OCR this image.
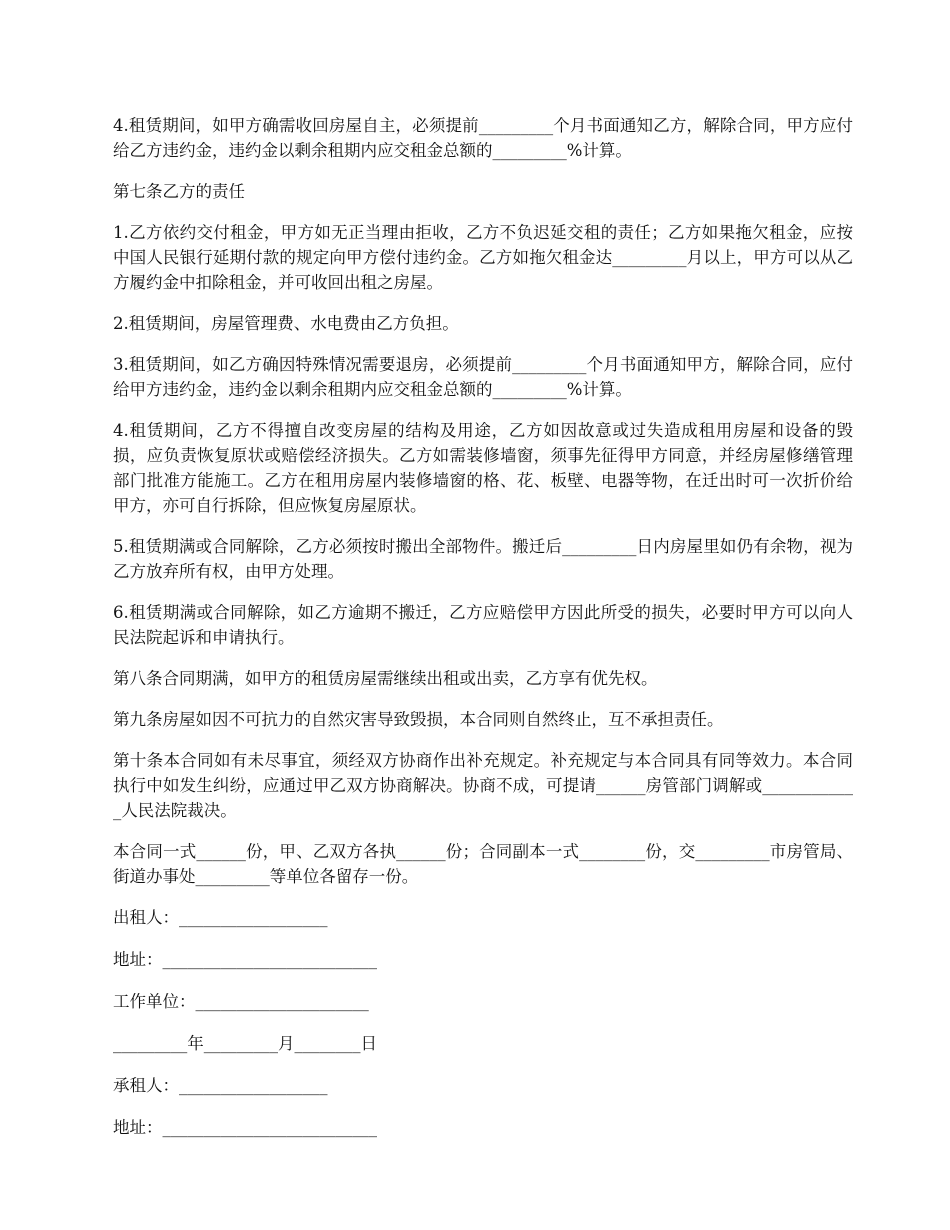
4.租赁期间，如甲方确需收回房屋自主，必须提前_________个月书面通知乙方，解除合同，甲方应付给乙方违约金，违约金以剩余租期内应交租金总额的_________%计算。

第七条乙方的责任

1.乙方依约交付租金，甲方如无正当理由拒收，乙方不负迟延交租的责任；乙方如果拖欠租金，应按中国人民银行延期付款的规定向甲方偿付违约金。乙方如拖欠租金达_________月以上，甲方可以从乙方履约金中扣除租金，并可收回出租之房屋。

2.租赁期间，房屋管理费、水电费由乙方负担。

3.租赁期间，如乙方确因特殊情况需要退房，必须提前_________个月书面通知甲方，解除合同，应付给甲方违约金，违约金以剩余租期内应交租金总额的_________%计算。

4.租赁期间，乙方不得擅自改变房屋的结构及用途，乙方如因故意或过失造成租用房屋和设备的毁损，应负责恢复原状或赔偿经济损失。乙方如需装修墙窗，须事先征得甲方同意，并经房屋修缮管理部门批准方能施工。乙方在租用房屋内装修墙窗的格、花、板壁、电器等物，在迁出时可一次折价给甲方，亦可自行拆除，但应恢复房屋原状。

5.租赁期满或合同解除，乙方必须按时搬出全部物件。搬迁后_________日内房屋里如仍有余物，视为乙方放弃所有权，由甲方处理。

6.租赁期满或合同解除，如乙方逾期不搬迁，乙方应赔偿甲方因此所受的损失，必要时甲方可以向人民法院起诉和申请执行。

第八条合同期满，如甲方的租赁房屋需继续出租或出卖，乙方享有优先权。

第九条房屋如因不可抗力的自然灾害导致毁损，本合同则自然终止，互不承担责任。

第十条本合同如有未尽事宜，须经双方协商作出补充规定。补充规定与本合同具有同等效力。本合同执行中如发生纠纷，应通过甲乙双方协商解决。协商不成，可提请______房管部门调解或____________人民法院裁决。

本合同一式______份，甲、乙双方各执______份；合同副本一式________份，交_________市房管局、街道办事处_________等单位各留存一份。

出租人：__________________

地址：__________________________

工作单位：_____________________

_________年_________月________日

承租人：__________________

地址：__________________________
